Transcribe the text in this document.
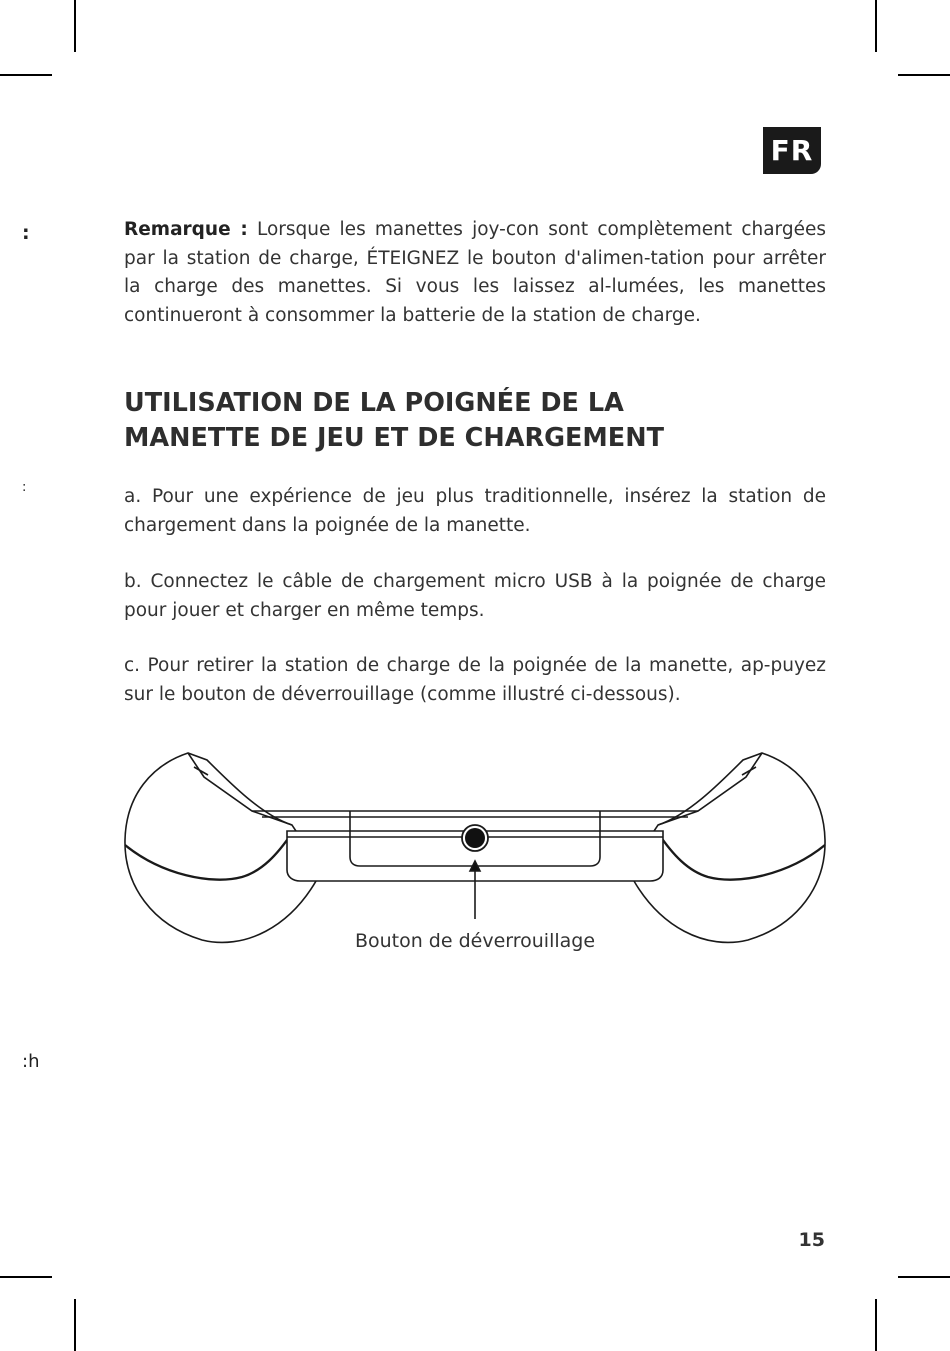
:
:
:h
FR

Remarque : Lorsque les manettes joy-con sont complètement chargées par la station de charge, ÉTEIGNEZ le bouton d'alimen-tation pour arrêter la charge des manettes. Si vous les laissez al-lumées, les manettes continueront à consommer la batterie de la station de charge.

UTILISATION DE LA POIGNÉE DE LA
MANETTE DE JEU ET DE CHARGEMENT

a. Pour une expérience de jeu plus traditionnelle, insérez la station de chargement dans la poignée de la manette.

b. Connectez le câble de chargement micro USB à la poignée de charge pour jouer et charger en même temps.

c. Pour retirer la station de charge de la poignée de la manette, ap-puyez sur le bouton de déverrouillage (comme illustré ci-dessous).

Bouton de déverrouillage
15
